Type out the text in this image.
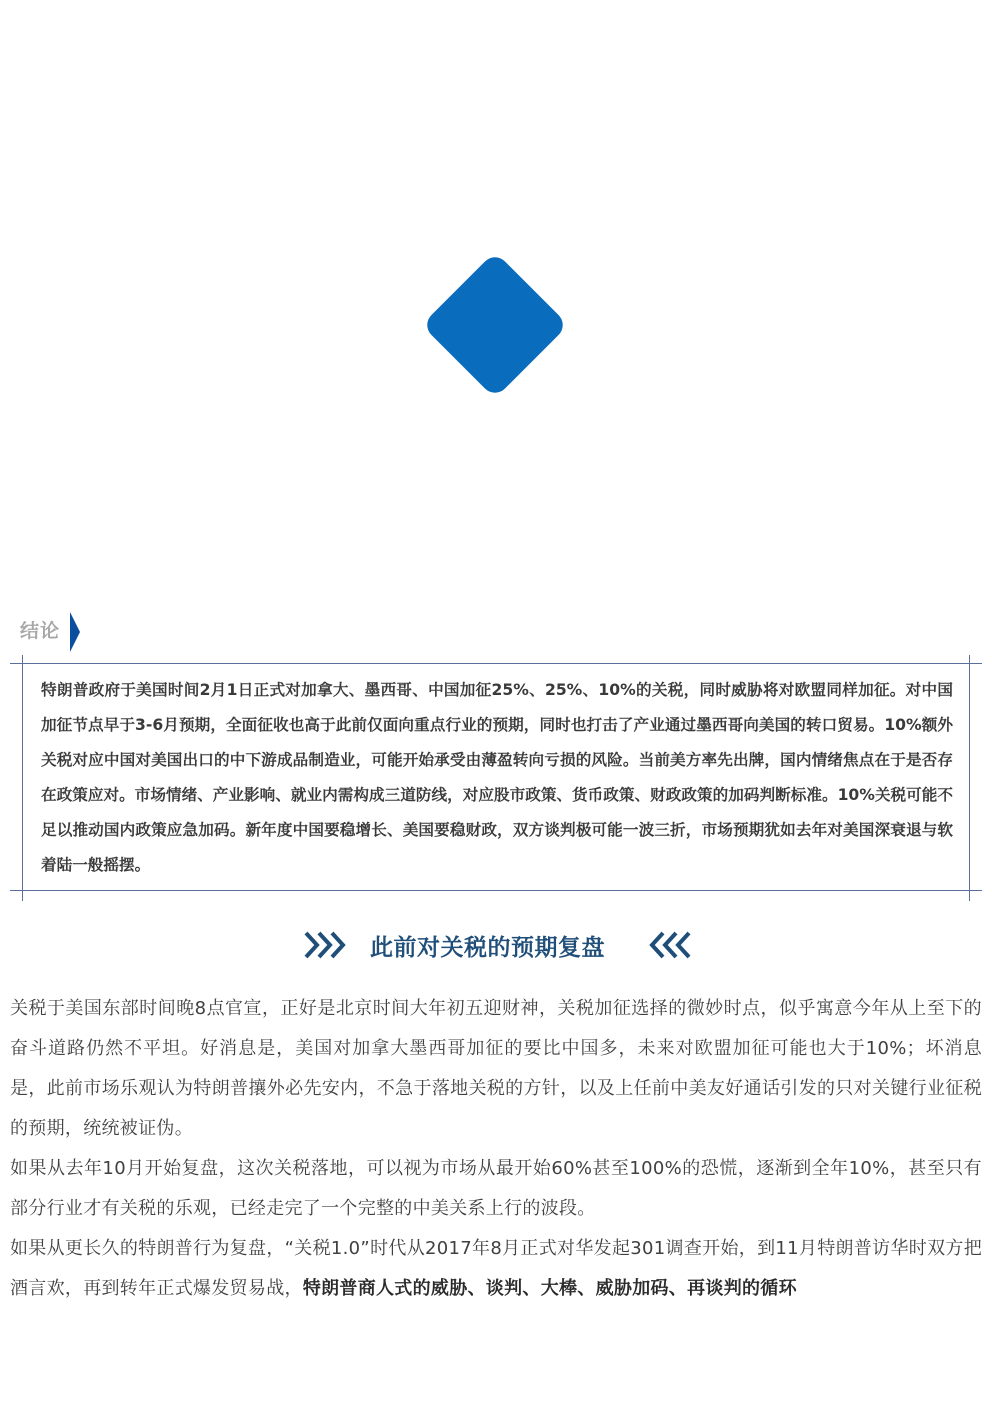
结论

特朗普政府于美国时间2月1日正式对加拿大、墨西哥、中国加征25%、25%、10%的关税，同时威胁将对欧盟同样加征。对中国加征节点早于3-6月预期，全面征收也高于此前仅面向重点行业的预期，同时也打击了产业通过墨西哥向美国的转口贸易。10%额外关税对应中国对美国出口的中下游成品制造业，可能开始承受由薄盈转向亏损的风险。当前美方率先出牌，国内情绪焦点在于是否存在政策应对。市场情绪、产业影响、就业内需构成三道防线，对应股市政策、货币政策、财政政策的加码判断标准。10%关税可能不足以推动国内政策应急加码。新年度中国要稳增长、美国要稳财政，双方谈判极可能一波三折，市场预期犹如去年对美国深衰退与软着陆一般摇摆。

此前对关税的预期复盘

关税于美国东部时间晚8点官宣，正好是北京时间大年初五迎财神，关税加征选择的微妙时点，似乎寓意今年从上至下的奋斗道路仍然不平坦。好消息是，美国对加拿大墨西哥加征的要比中国多，未来对欧盟加征可能也大于10%；坏消息是，此前市场乐观认为特朗普攘外必先安内，不急于落地关税的方针，以及上任前中美友好通话引发的只对关键行业征税的预期，统统被证伪。

如果从去年10月开始复盘，这次关税落地，可以视为市场从最开始60%甚至100%的恐慌，逐渐到全年10%，甚至只有部分行业才有关税的乐观，已经走完了一个完整的中美关系上行的波段。

如果从更长久的特朗普行为复盘，“关税1.0”时代从2017年8月正式对华发起301调查开始，到11月特朗普访华时双方把酒言欢，再到转年正式爆发贸易战，特朗普商人式的威胁、谈判、大棒、威胁加码、再谈判的循环
